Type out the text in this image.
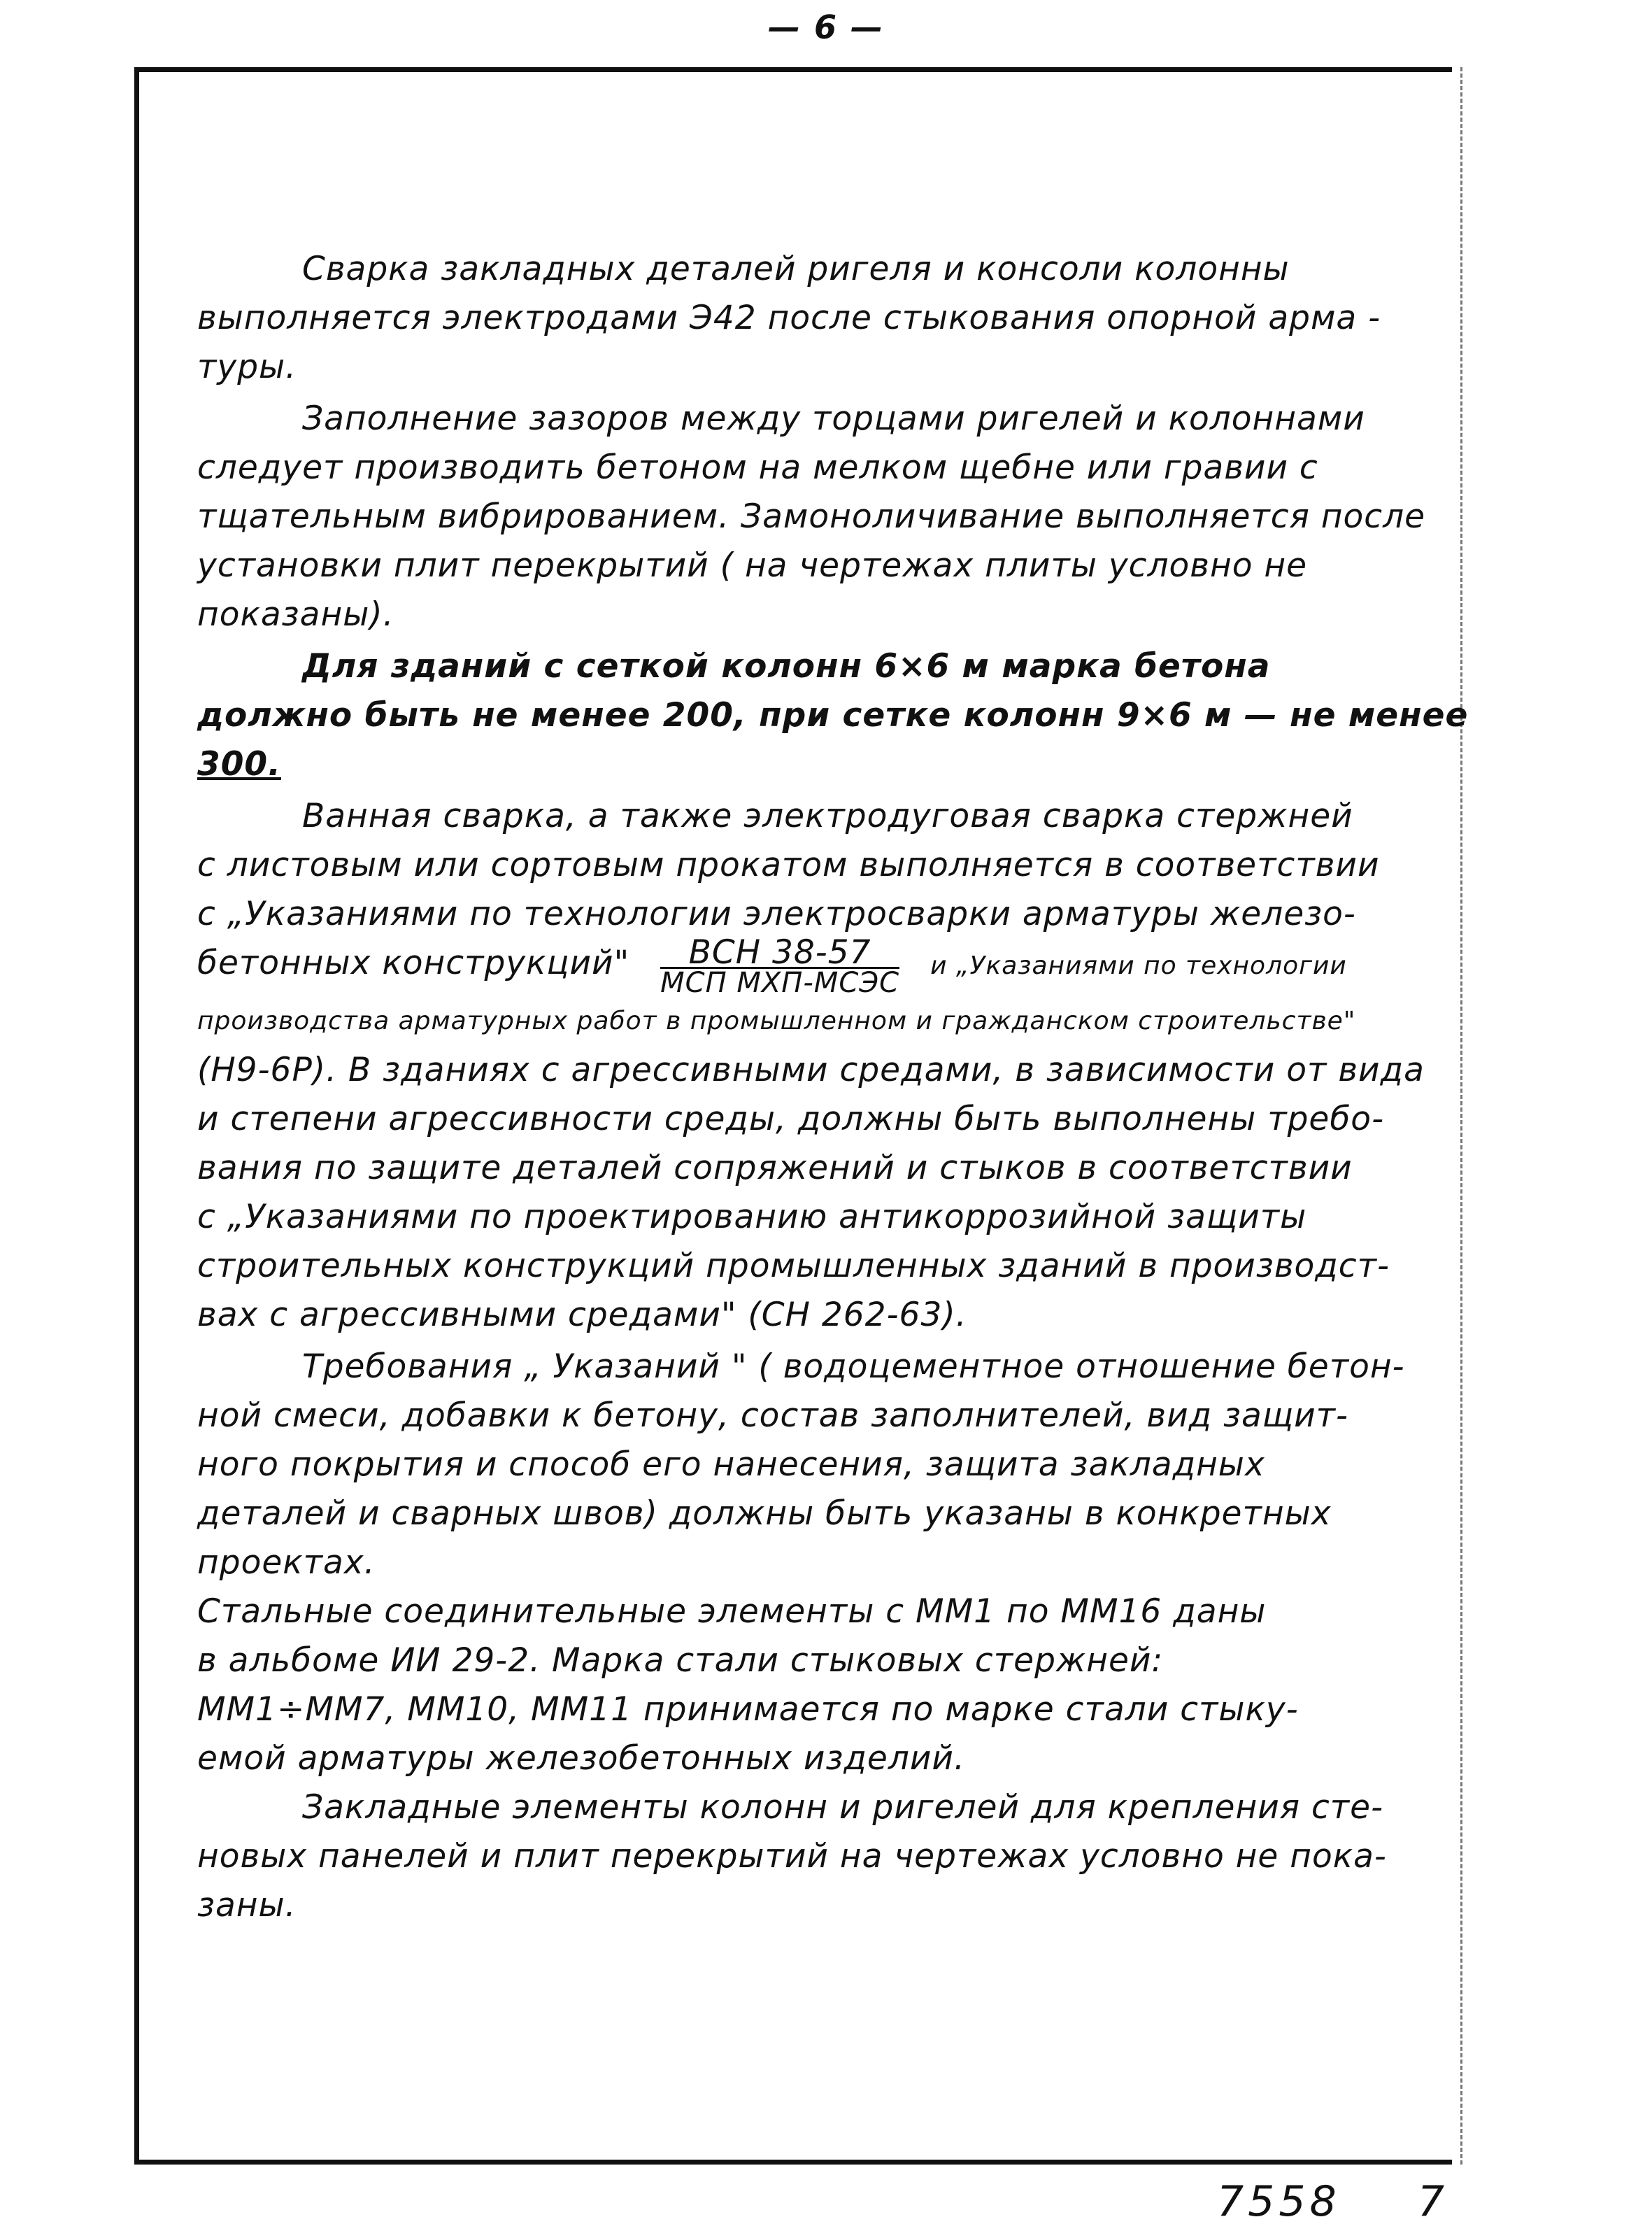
— 6 —
Сварка закладных деталей ригеля и консоли колонны
выполняется электродами Э42 после стыкования опорной арма -
туры.
Заполнение зазоров между торцами ригелей и колоннами
следует производить бетоном на мелком щебне или гравии с
тщательным вибрированием. Замоноличивание выполняется после
установки плит перекрытий ( на чертежах плиты условно не
показаны).
Для зданий с сеткой колонн 6×6 м марка бетона
должно быть не менее 200, при сетке колонн 9×6 м — не менее
300.
Ванная сварка, а также электродуговая сварка стержней
с листовым или сортовым прокатом выполняется в соответствии
с „Указаниями по технологии электросварки арматуры железо-
бетонных конструкций" $\frac{\text{ВСН 38-57}}{\text{МСП МХП-МСЭС}}$ и „Указаниями по технологии
производства арматурных работ в промышленном и гражданском строительстве"
(Н9-6Р). В зданиях с агрессивными средами, в зависимости от вида
и степени агрессивности среды, должны быть выполнены требо-
вания по защите деталей сопряжений и стыков в соответствии
с „Указаниями по проектированию антикоррозийной защиты
строительных конструкций промышленных зданий в производст-
вах с агрессивными средами" (СН 262-63).
Требования „ Указаний " ( водоцементное отношение бетон-
ной смеси, добавки к бетону, состав заполнителей, вид защит-
ного покрытия и способ его нанесения, защита закладных
деталей и сварных швов) должны быть указаны в конкретных
проектах.
Стальные соединительные элементы с ММ1 по ММ16 даны
в альбоме ИИ 29-2. Марка стали стыковых стержней:
ММ1÷ММ7, ММ10, ММ11 принимается по марке стали стыку-
емой арматуры железобетонных изделий.
Закладные элементы колонн и ригелей для крепления сте-
новых панелей и плит перекрытий на чертежах условно не пока-
заны.
7558 7
